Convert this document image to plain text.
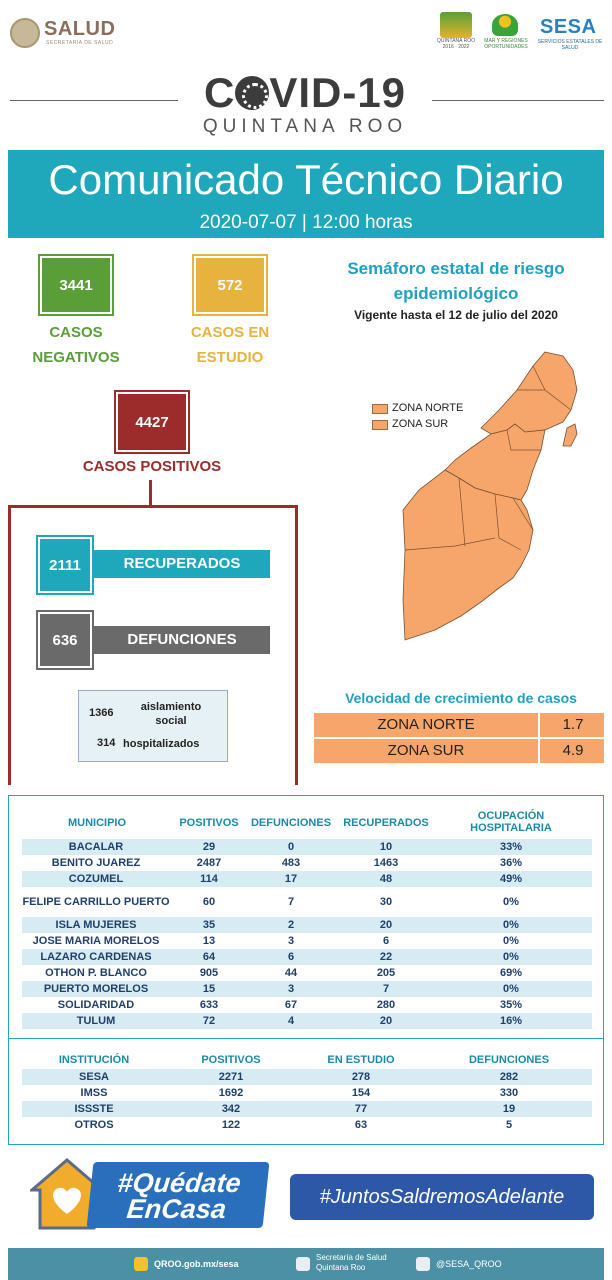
SALUD
SECRETARÍA DE SALUD	QUINTANA ROO 2016 · 2022
MAR Y REGIONES OPORTUNIDADES
SESA
SERVICIOS ESTATALES DE SALUD
C VID-19
QUINTANA ROO
Comunicado Técnico Diario
2020-07-07 | 12:00 horas
3441
CASOS
NEGATIVOS
572
CASOS EN
ESTUDIO
4427
CASOS POSITIVOS
2111	RECUPERADOS
636	DEFUNCIONES
1366	aislamiento
social
314 hospitalizados
Semáforo estatal de riesgo
epidemiológico
Vigente hasta el 12 de julio del 2020
ZONA NORTE
ZONA SUR
Velocidad de crecimiento de casos
ZONA NORTE	1.7
ZONA SUR	4.9
MUNICIPIO	POSITIVOS	DEFUNCIONES	RECUPERADOS
OCUPACIÓN HOSPITALARIA
BACALAR	29	0	10	33%
BENITO JUAREZ	2487	483	1463	36%
COZUMEL	114	17	48	49%
FELIPE CARRILLO PUERTO	60	7	30	0%
ISLA MUJERES	35	2	20	0%
JOSE MARIA MORELOS	13	3	6	0%
LAZARO CARDENAS	64	6	22	0%
OTHON P. BLANCO	905	44	205	69%
PUERTO MORELOS	15	3	7	0%
SOLIDARIDAD	633	67	280	35%
TULUM	72	4	20	16%
INSTITUCIÓN	POSITIVOS	EN ESTUDIO	DEFUNCIONES
SESA	2271	278	282
IMSS	1692	154	330
ISSSTE	342	77	19
OTROS	122	63	5
#Quédate
EnCasa	#JuntosSaldremosAdelante
QROO.gob.mx/sesa
Secretaría de Salud
Quintana Roo	@SESA_QROO
